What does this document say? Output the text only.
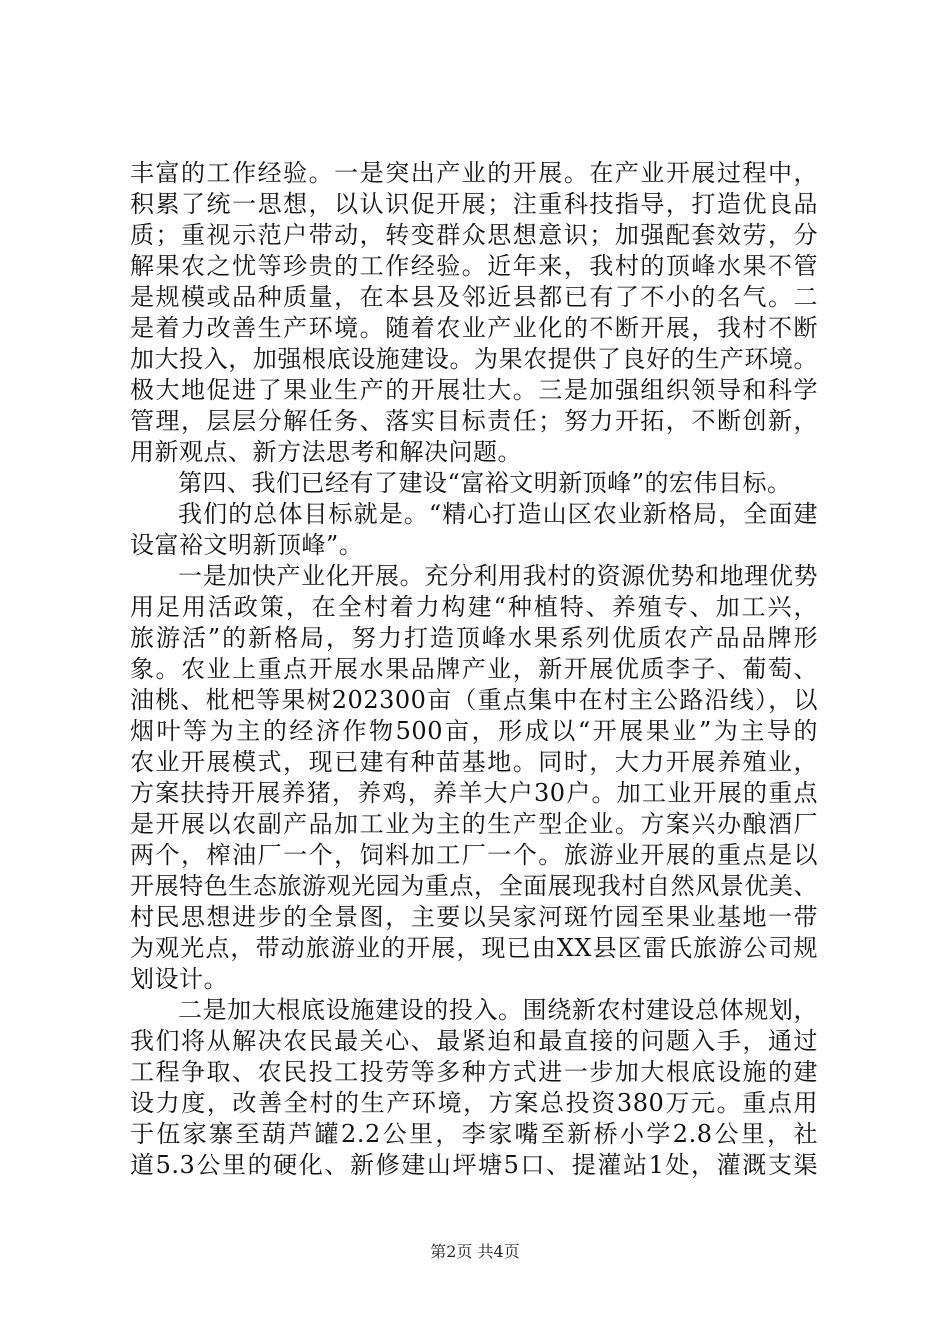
丰富的工作经验。一是突出产业的开展。在产业开展过程中，
积累了统一思想，以认识促开展；注重科技指导，打造优良品
质；重视示范户带动，转变群众思想意识；加强配套效劳，分
解果农之忧等珍贵的工作经验。近年来，我村的顶峰水果不管
是规模或品种质量，在本县及邻近县都已有了不小的名气。二
是着力改善生产环境。随着农业产业化的不断开展，我村不断
加大投入，加强根底设施建设。为果农提供了良好的生产环境。
极大地促进了果业生产的开展壮大。三是加强组织领导和科学
管理，层层分解任务、落实目标责任；努力开拓，不断创新，
用新观点、新方法思考和解决问题。
第四、我们已经有了建设“富裕文明新顶峰”的宏伟目标。
我们的总体目标就是。“精心打造山区农业新格局，全面建
设富裕文明新顶峰”。
一是加快产业化开展。充分利用我村的资源优势和地理优势
用足用活政策，在全村着力构建“种植特、养殖专、加工兴，
旅游活”的新格局，努力打造顶峰水果系列优质农产品品牌形
象。农业上重点开展水果品牌产业，新开展优质李子、葡萄、
油桃、枇杷等果树202300亩（重点集中在村主公路沿线），以
烟叶等为主的经济作物500亩，形成以“开展果业”为主导的
农业开展模式，现已建有种苗基地。同时，大力开展养殖业，
方案扶持开展养猪，养鸡，养羊大户30户。加工业开展的重点
是开展以农副产品加工业为主的生产型企业。方案兴办酿酒厂
两个，榨油厂一个，饲料加工厂一个。旅游业开展的重点是以
开展特色生态旅游观光园为重点，全面展现我村自然风景优美、
村民思想进步的全景图，主要以吴家河斑竹园至果业基地一带
为观光点，带动旅游业的开展，现已由XX县区雷氏旅游公司规
划设计。
二是加大根底设施建设的投入。围绕新农村建设总体规划，
我们将从解决农民最关心、最紧迫和最直接的问题入手，通过
工程争取、农民投工投劳等多种方式进一步加大根底设施的建
设力度，改善全村的生产环境，方案总投资380万元。重点用
于伍家寨至葫芦罐2.2公里，李家嘴至新桥小学2.8公里，社
道5.3公里的硬化、新修建山坪塘5口、提灌站1处，灌溉支渠
第2页 共4页
